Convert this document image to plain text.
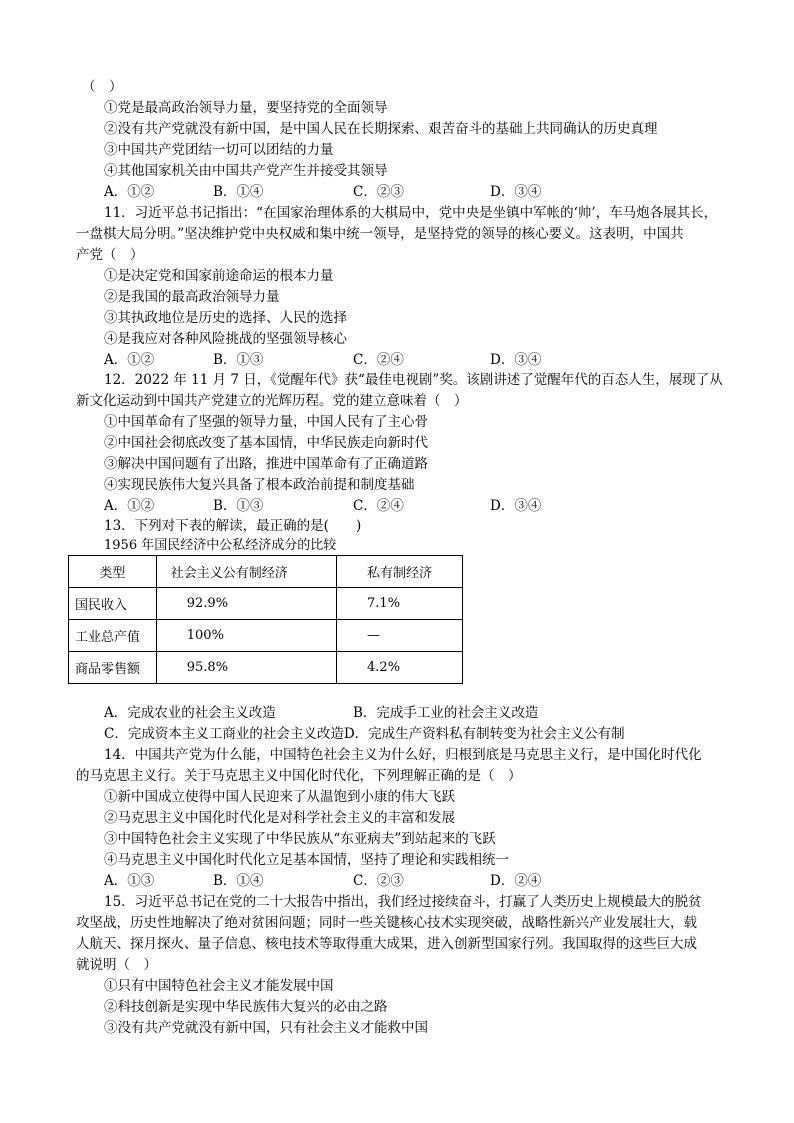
（　）
①党是最高政治领导力量，要坚持党的全面领导
②没有共产党就没有新中国，是中国人民在长期探索、艰苦奋斗的基础上共同确认的历史真理
③中国共产党团结一切可以团结的力量
④其他国家机关由中国共产党产生并接受其领导
A．①②	B．①④	C．②③	D．③④
11．习近平总书记指出：“在国家治理体系的大棋局中，党中央是坐镇中军帐的‘帅’，车马炮各展其长，
一盘棋大局分明。”坚决维护党中央权威和集中统一领导，是坚持党的领导的核心要义。这表明，中国共
产党（　）
①是决定党和国家前途命运的根本力量
②是我国的最高政治领导力量
③其执政地位是历史的选择、人民的选择
④是我应对各种风险挑战的坚强领导核心
A．①②	B．①③	C．②④	D．③④
12．2022 年 11 月 7 日，《觉醒年代》获“最佳电视剧”奖。该剧讲述了觉醒年代的百态人生，展现了从
新文化运动到中国共产党建立的光辉历程。党的建立意味着（　）
①中国革命有了坚强的领导力量，中国人民有了主心骨
②中国社会彻底改变了基本国情，中华民族走向新时代
③解决中国问题有了出路，推进中国革命有了正确道路
④实现民族伟大复兴具备了根本政治前提和制度基础
A．①②	B．①③	C．②④	D．③④
13．下列对下表的解读，最正确的是(　　)
1956 年国民经济中公私经济成分的比较
类型	社会主义公有制经济	私有制经济
国民收入	92.9%	7.1%
工业总产值	100%	—
商品零售额	95.8%	4.2%
A．完成农业的社会主义改造	B．完成手工业的社会主义改造
C．完成资本主义工商业的社会主义改造D．完成生产资料私有制转变为社会主义公有制
14．中国共产党为什么能，中国特色社会主义为什么好，归根到底是马克思主义行，是中国化时代化
的马克思主义行。关于马克思主义中国化时代化，下列理解正确的是（　）
①新中国成立使得中国人民迎来了从温饱到小康的伟大飞跃
②马克思主义中国化时代化是对科学社会主义的丰富和发展
③中国特色社会主义实现了中华民族从“东亚病夫”到站起来的飞跃
④马克思主义中国化时代化立足基本国情，坚持了理论和实践相统一
A．①③	B．①④	C．②③	D．②④
15．习近平总书记在党的二十大报告中指出，我们经过接续奋斗，打赢了人类历史上规模最大的脱贫
攻坚战，历史性地解决了绝对贫困问题；同时一些关键核心技术实现突破，战略性新兴产业发展壮大，载
人航天、探月探火、量子信息、核电技术等取得重大成果，进入创新型国家行列。我国取得的这些巨大成
就说明（　）
①只有中国特色社会主义才能发展中国
②科技创新是实现中华民族伟大复兴的必由之路
③没有共产党就没有新中国，只有社会主义才能救中国
